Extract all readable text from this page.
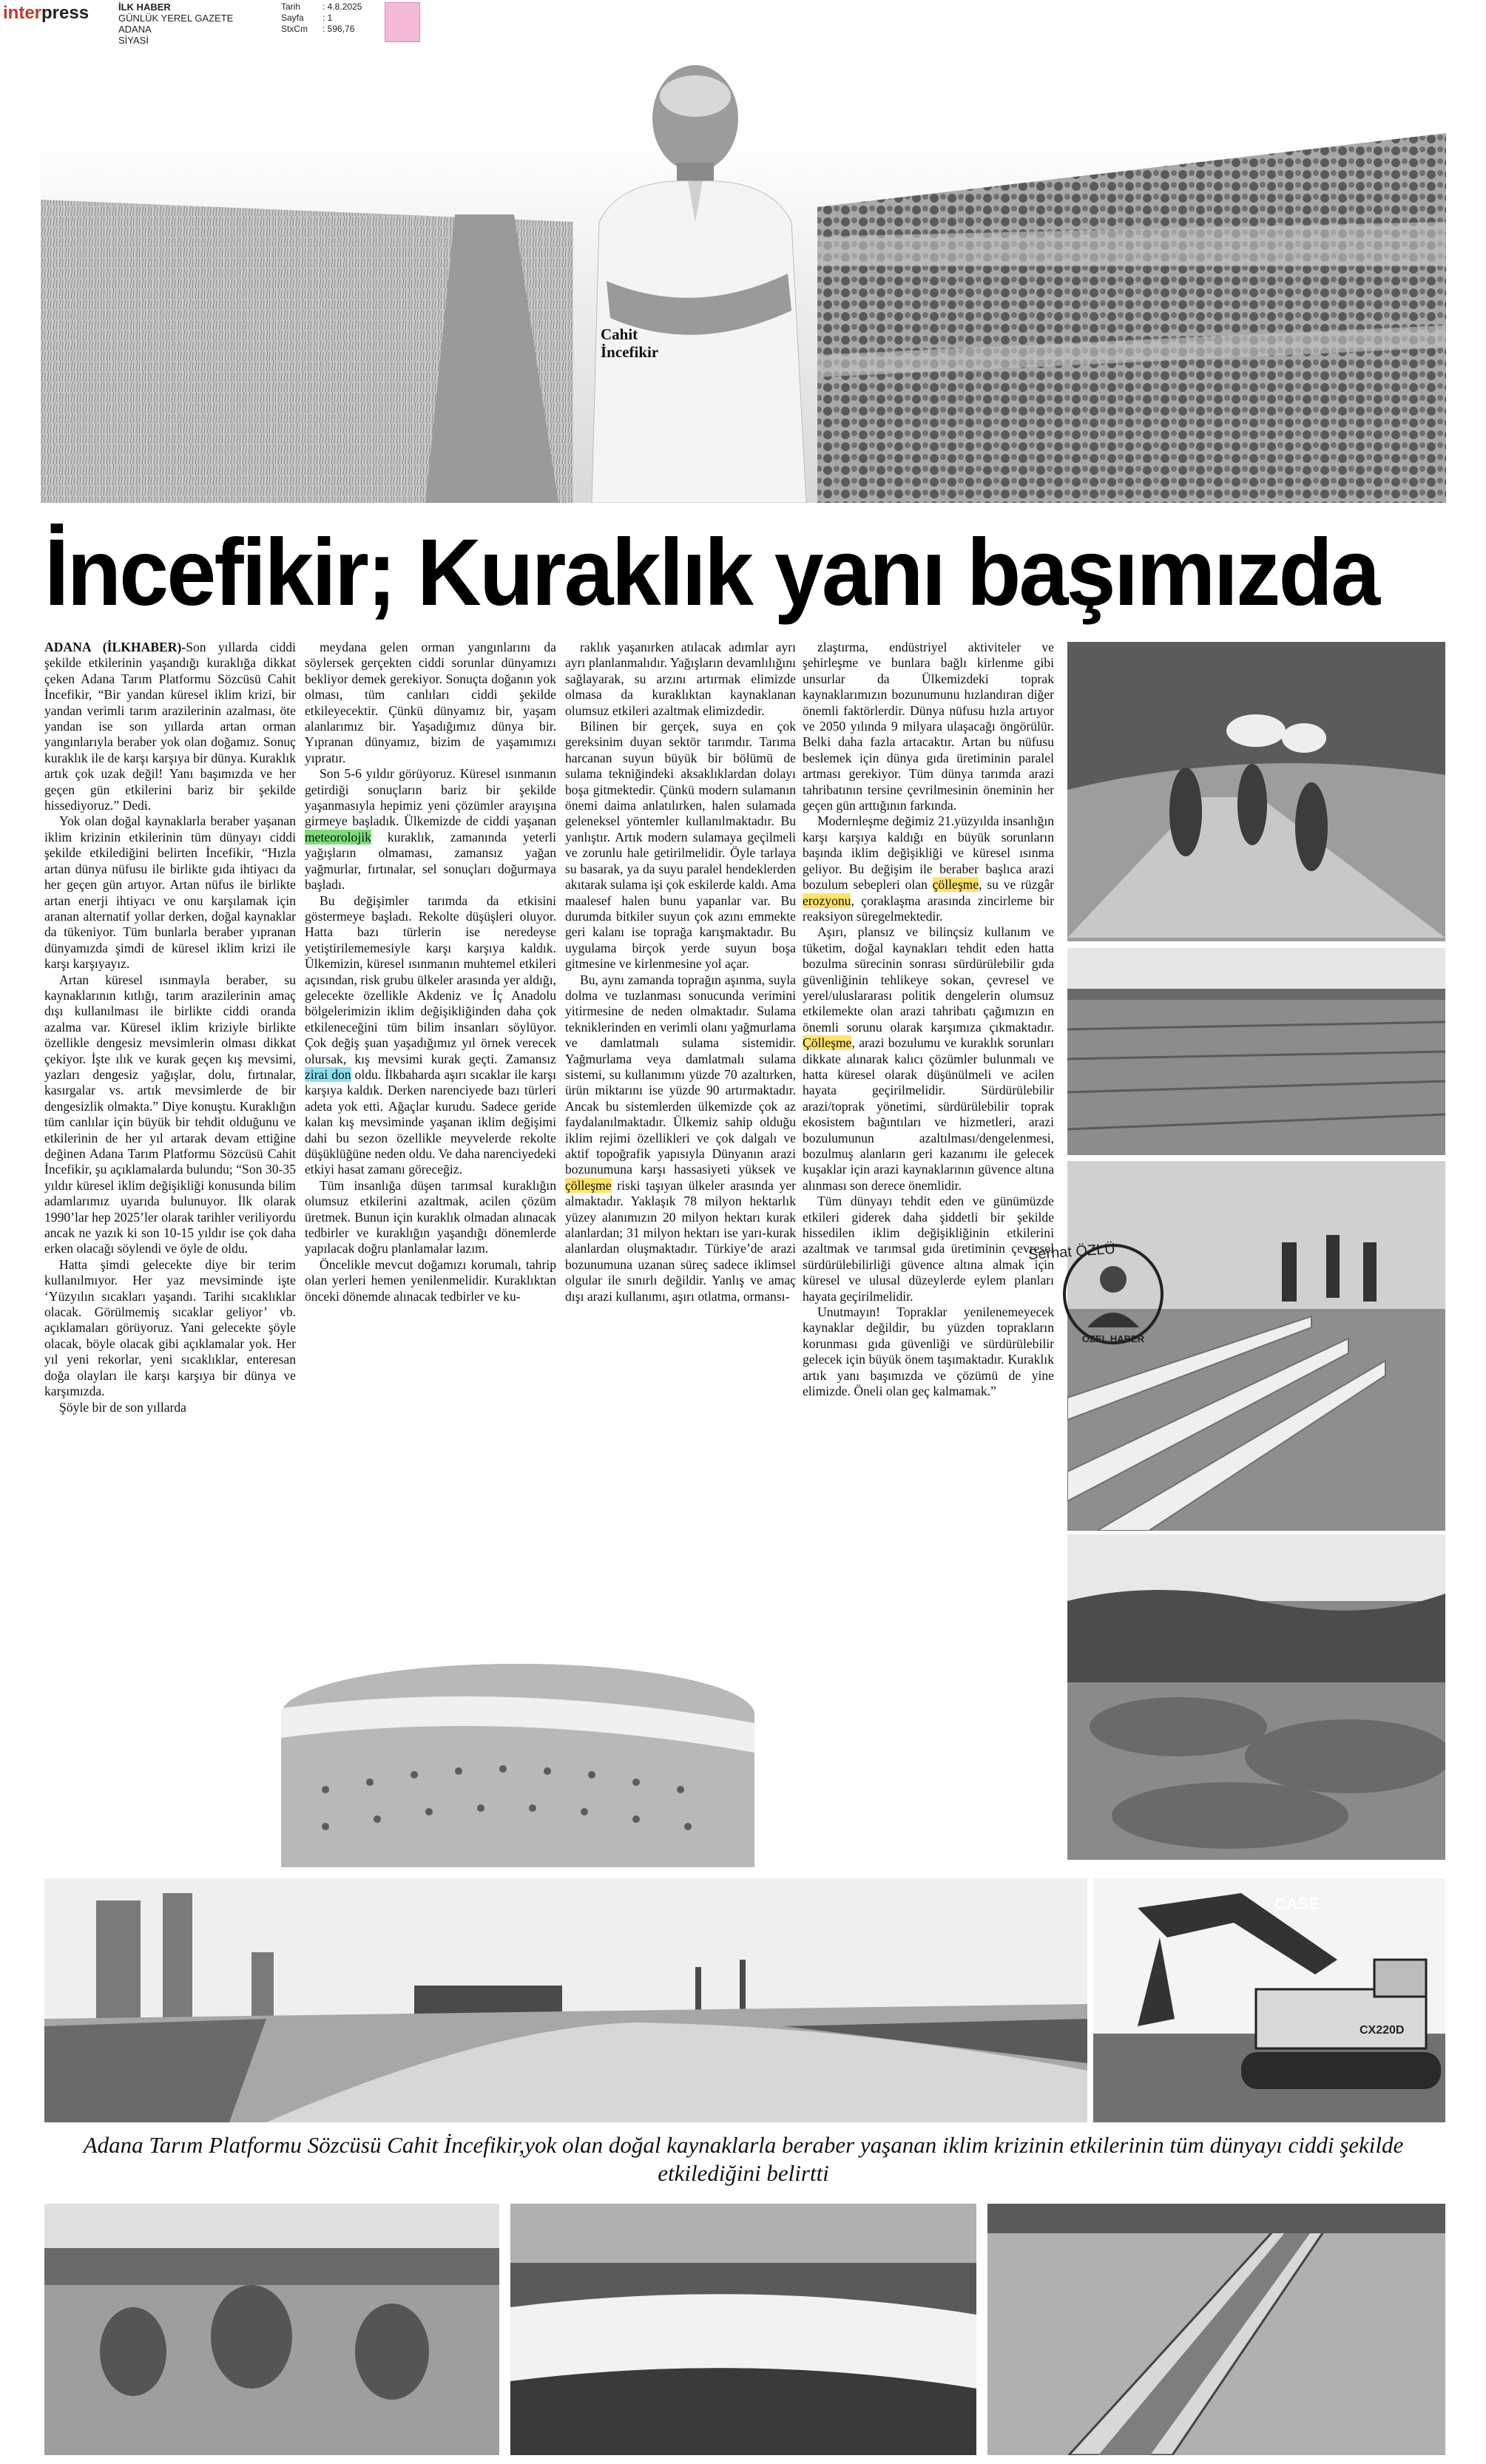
interpress	İLK HABER
GÜNLÜK YEREL GAZETE
ADANA
SİYASİ
Tarih : 4.8.2025
Sayfa : 1
StxCm : 596,76
Cahit
İncefikir
İncefikir; Kuraklık yanı başımızda

ADANA (İLKHABER)-Son yıllarda ciddi şekilde etkilerinin yaşandığı kuraklığa dikkat çeken Adana Tarım Platformu Sözcüsü Cahit İncefikir, “Bir yandan küresel iklim krizi, bir yandan verimli tarım arazilerinin azalması, öte yandan ise son yıllarda artan orman yangınlarıyla beraber yok olan doğamız. Sonuç kuraklık ile de karşı karşıya bir dünya. Kuraklık artık çok uzak değil! Yanı başımızda ve her geçen gün etkilerini bariz bir şekilde hissediyoruz.” Dedi.

Yok olan doğal kaynaklarla beraber yaşanan iklim krizinin etkilerinin tüm dünyayı ciddi şekilde etkilediğini belirten İncefikir, “Hızla artan dünya nüfusu ile birlikte gıda ihtiyacı da her geçen gün artıyor. Artan nüfus ile birlikte artan enerji ihtiyacı ve onu karşılamak için aranan alternatif yollar derken, doğal kaynaklar da tükeniyor. Tüm bunlarla beraber yıpranan dünyamızda şimdi de küresel iklim krizi ile karşı karşıyayız.

Artan küresel ısınmayla beraber, su kaynaklarının kıtlığı, tarım arazilerinin amaç dışı kullanılması ile birlikte ciddi oranda azalma var. Küresel iklim kriziyle birlikte özellikle dengesiz mevsimlerin olması dikkat çekiyor. İşte ılık ve kurak geçen kış mevsimi, yazları dengesiz yağışlar, dolu, fırtınalar, kasırgalar vs. artık mevsimlerde de bir dengesizlik olmakta.” Diye konuştu. Kuraklığın tüm canlılar için büyük bir tehdit olduğunu ve etkilerinin de her yıl artarak devam ettiğine değinen Adana Tarım Platformu Sözcüsü Cahit İncefikir, şu açıklamalarda bulundu; “Son 30-35 yıldır küresel iklim değişikliği konusunda bilim adamlarımız uyarıda bulunuyor. İlk olarak 1990’lar hep 2025’ler olarak tarihler veriliyordu ancak ne yazık ki son 10-15 yıldır ise çok daha erken olacağı söylendi ve öyle de oldu.

Hatta şimdi gelecekte diye bir terim kullanılmıyor. Her yaz mevsiminde işte ‘Yüzyılın sıcakları yaşandı. Tarihi sıcaklıklar olacak. Görülmemiş sıcaklar geliyor’ vb. açıklamaları görüyoruz. Yani gelecekte şöyle olacak, böyle olacak gibi açıklamalar yok. Her yıl yeni rekorlar, yeni sıcaklıklar, enteresan doğa olayları ile karşı karşıya bir dünya ve karşımızda.

Şöyle bir de son yıllarda

meydana gelen orman yangınlarını da söylersek gerçekten ciddi sorunlar dünyamızı bekliyor demek gerekiyor. Sonuçta doğanın yok olması, tüm canlıları ciddi şekilde etkileyecektir. Çünkü dünyamız bir, yaşam alanlarımız bir. Yaşadığımız dünya bir. Yıpranan dünyamız, bizim de yaşamımızı yıpratır.

Son 5-6 yıldır görüyoruz. Küresel ısınmanın getirdiği sonuçların bariz bir şekilde yaşanmasıyla hepimiz yeni çözümler arayışına girmeye başladık. Ülkemizde de ciddi yaşanan meteorolojik kuraklık, zamanında yeterli yağışların olmaması, zamansız yağan yağmurlar, fırtınalar, sel sonuçları doğurmaya başladı.

Bu değişimler tarımda da etkisini göstermeye başladı. Rekolte düşüşleri oluyor. Hatta bazı türlerin ise neredeyse yetiştirilememesiyle karşı karşıya kaldık. Ülkemizin, küresel ısınmanın muhtemel etkileri açısından, risk grubu ülkeler arasında yer aldığı, gelecekte özellikle Akdeniz ve İç Anadolu bölgelerimizin iklim değişikliğinden daha çok etkileneceğini tüm bilim insanları söylüyor. Çok değiş şuan yaşadığımız yıl örnek verecek olursak, kış mevsimi kurak geçti. Zamansız zirai don oldu. İlkbaharda aşırı sıcaklar ile karşı karşıya kaldık. Derken narenciyede bazı türleri adeta yok etti. Ağaçlar kurudu. Sadece geride kalan kış mevsiminde yaşanan iklim değişimi dahi bu sezon özellikle meyvelerde rekolte düşüklüğüne neden oldu. Ve daha narenciyedeki etkiyi hasat zamanı göreceğiz.

Tüm insanlığa düşen tarımsal kuraklığın olumsuz etkilerini azaltmak, acilen çözüm üretmek. Bunun için kuraklık olmadan alınacak tedbirler ve kuraklığın yaşandığı dönemlerde yapılacak doğru planlamalar lazım.

Öncelikle mevcut doğamızı korumalı, tahrip olan yerleri hemen yenilenmelidir. Kuraklıktan önceki dönemde alınacak tedbirler ve ku-

raklık yaşanırken atılacak adımlar ayrı ayrı planlanmalıdır. Yağışların devamlılığını sağlayarak, su arzını artırmak elimizde olmasa da kuraklıktan kaynaklanan olumsuz etkileri azaltmak elimizdedir.

Bilinen bir gerçek, suya en çok gereksinim duyan sektör tarımdır. Tarıma harcanan suyun büyük bir bölümü de sulama tekniğindeki aksaklıklardan dolayı boşa gitmektedir. Çünkü modern sulamanın önemi daima anlatılırken, halen sulamada geleneksel yöntemler kullanılmaktadır. Bu yanlıştır. Artık modern sulamaya geçilmeli ve zorunlu hale getirilmelidir. Öyle tarlaya su basarak, ya da suyu paralel hendeklerden akıtarak sulama işi çok eskilerde kaldı. Ama maalesef halen bunu yapanlar var. Bu durumda bitkiler suyun çok azını emmekte geri kalanı ise toprağa karışmaktadır. Bu uygulama birçok yerde suyun boşa gitmesine ve kirlenmesine yol açar.

Bu, aynı zamanda toprağın aşınma, suyla dolma ve tuzlanması sonucunda verimini yitirmesine de neden olmaktadır. Sulama tekniklerinden en verimli olanı yağmurlama ve damlatmalı sulama sistemidir. Yağmurlama veya damlatmalı sulama sistemi, su kullanımını yüzde 70 azaltırken, ürün miktarını ise yüzde 90 artırmaktadır. Ancak bu sistemlerden ülkemizde çok az faydalanılmaktadır. Ülkemiz sahip olduğu iklim rejimi özellikleri ve çok dalgalı ve aktif topoğrafik yapısıyla Dünyanın arazi bozunumuna karşı hassasiyeti yüksek ve çölleşme riski taşıyan ülkeler arasında yer almaktadır. Yaklaşık 78 milyon hektarlık yüzey alanımızın 20 milyon hektarı kurak alanlardan; 31 milyon hektarı ise yarı-kurak alanlardan oluşmaktadır. Türkiye’de arazi bozunumuna uzanan süreç sadece iklimsel olgular ile sınırlı değildir. Yanlış ve amaç dışı arazi kullanımı, aşırı otlatma, ormansı-

zlaştırma, endüstriyel aktiviteler ve şehirleşme ve bunlara bağlı kirlenme gibi unsurlar da Ülkemizdeki toprak kaynaklarımızın bozunumunu hızlandıran diğer önemli faktörlerdir. Dünya nüfusu hızla artıyor ve 2050 yılında 9 milyara ulaşacağı öngörülür. Belki daha fazla artacaktır. Artan bu nüfusu beslemek için dünya gıda üretiminin paralel artması gerekiyor. Tüm dünya tarımda arazi tahribatının tersine çevrilmesinin öneminin her geçen gün arttığının farkında.

Modernleşme değimiz 21.yüzyılda insanlığın karşı karşıya kaldığı en büyük sorunların başında iklim değişikliği ve küresel ısınma geliyor. Bu değişim ile beraber başlıca arazi bozulum sebepleri olan çölleşme, su ve rüzgâr erozyonu, çoraklaşma arasında zincirleme bir reaksiyon süregelmektedir.

Aşırı, plansız ve bilinçsiz kullanım ve tüketim, doğal kaynakları tehdit eden hatta bozulma sürecinin sonrası sürdürülebilir gıda güvenliğinin tehlikeye sokan, çevresel ve yerel/uluslararası politik dengelerin olumsuz etkilemekte olan arazi tahribatı çağımızın en önemli sorunu olarak karşımıza çıkmaktadır. Çölleşme, arazi bozulumu ve kuraklık sorunları dikkate alınarak kalıcı çözümler bulunmalı ve hatta küresel olarak düşünülmeli ve acilen hayata geçirilmelidir. Sürdürülebilir arazi/toprak yönetimi, sürdürülebilir toprak ekosistem bağıntıları ve hizmetleri, arazi bozulumunun azaltılması/dengelenmesi, bozulmuş alanların geri kazanımı ile gelecek kuşaklar için arazi kaynaklarının güvence altına alınması son derece önemlidir.

Tüm dünyayı tehdit eden ve günümüzde etkileri giderek daha şiddetli bir şekilde hissedilen iklim değişikliğinin etkilerini azaltmak ve tarımsal gıda üretiminin çevresel sürdürülebilirliği güvence altına almak için küresel ve ulusal düzeylerde eylem planları hayata geçirilmelidir.

Unutmayın! Topraklar yenilenemeyecek kaynaklar değildir, bu yüzden toprakların korunması gıda güvenliği ve sürdürülebilir gelecek için büyük önem taşımaktadır. Kuraklık artık yanı başımızda ve çözümü de yine elimizde. Öneli olan geç kalmamak.”

Serhat ÖZLÜ
ÖZEL HABER
CASE
CX220D
Adana Tarım Platformu Sözcüsü Cahit İncefikir,yok olan doğal kaynaklarla beraber yaşanan iklim krizinin etkilerinin tüm dünyayı ciddi şekilde etkilediğini belirtti
